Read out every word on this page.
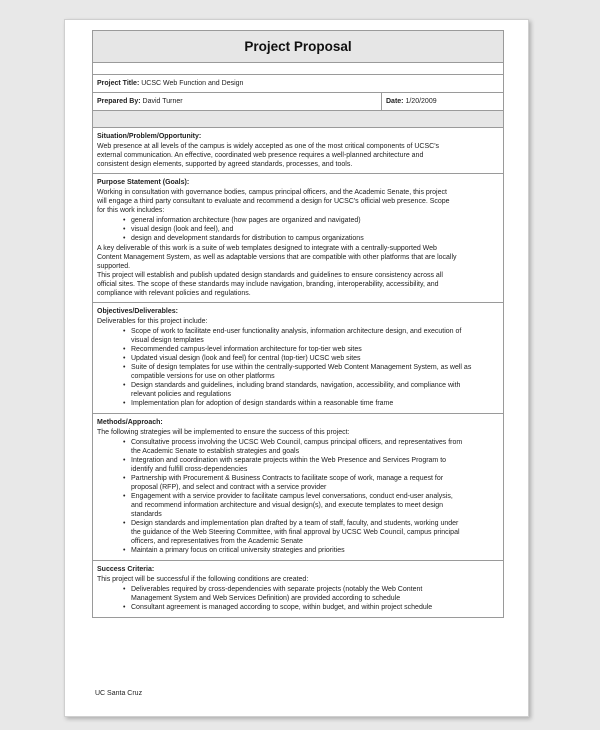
Project Proposal
Project Title: UCSC Web Function and Design
Prepared By: David Turner	Date: 1/20/2009
Situation/Problem/Opportunity:
Web presence at all levels of the campus is widely accepted as one of the most critical components of UCSC's
external communication. An effective, coordinated web presence requires a well-planned architecture and
consistent design elements, supported by agreed standards, processes, and tools.
Purpose Statement (Goals):
Working in consultation with governance bodies, campus principal officers, and the Academic Senate, this project
will engage a third party consultant to evaluate and recommend a design for UCSC's official web presence. Scope
for this work includes:
• general information architecture (how pages are organized and navigated)
• visual design (look and feel), and
• design and development standards for distribution to campus organizations
A key deliverable of this work is a suite of web templates designed to integrate with a centrally-supported Web
Content Management System, as well as adaptable versions that are compatible with other platforms that are locally
supported.
This project will establish and publish updated design standards and guidelines to ensure consistency across all
official sites. The scope of these standards may include navigation, branding, interoperability, accessibility, and
compliance with relevant policies and regulations.
Objectives/Deliverables:
Deliverables for this project include:
• Scope of work to facilitate end-user functionality analysis, information architecture design, and execution of
visual design templates
• Recommended campus-level information architecture for top-tier web sites
• Updated visual design (look and feel) for central (top-tier) UCSC web sites
• Suite of design templates for use within the centrally-supported Web Content Management System, as well as
compatible versions for use on other platforms
• Design standards and guidelines, including brand standards, navigation, accessibility, and compliance with
relevant policies and regulations
• Implementation plan for adoption of design standards within a reasonable time frame
Methods/Approach:
The following strategies will be implemented to ensure the success of this project:
• Consultative process involving the UCSC Web Council, campus principal officers, and representatives from
the Academic Senate to establish strategies and goals
• Integration and coordination with separate projects within the Web Presence and Services Program to
identify and fulfill cross-dependencies
• Partnership with Procurement & Business Contracts to facilitate scope of work, manage a request for
proposal (RFP), and select and contract with a service provider
• Engagement with a service provider to facilitate campus level conversations, conduct end-user analysis,
and recommend information architecture and visual design(s), and execute templates to meet design
standards
• Design standards and implementation plan drafted by a team of staff, faculty, and students, working under
the guidance of the Web Steering Committee, with final approval by UCSC Web Council, campus principal
officers, and representatives from the Academic Senate
• Maintain a primary focus on critical university strategies and priorities
Success Criteria:
This project will be successful if the following conditions are created:
• Deliverables required by cross-dependencies with separate projects (notably the Web Content
Management System and Web Services Definition) are provided according to schedule
• Consultant agreement is managed according to scope, within budget, and within project schedule
UC Santa Cruz
